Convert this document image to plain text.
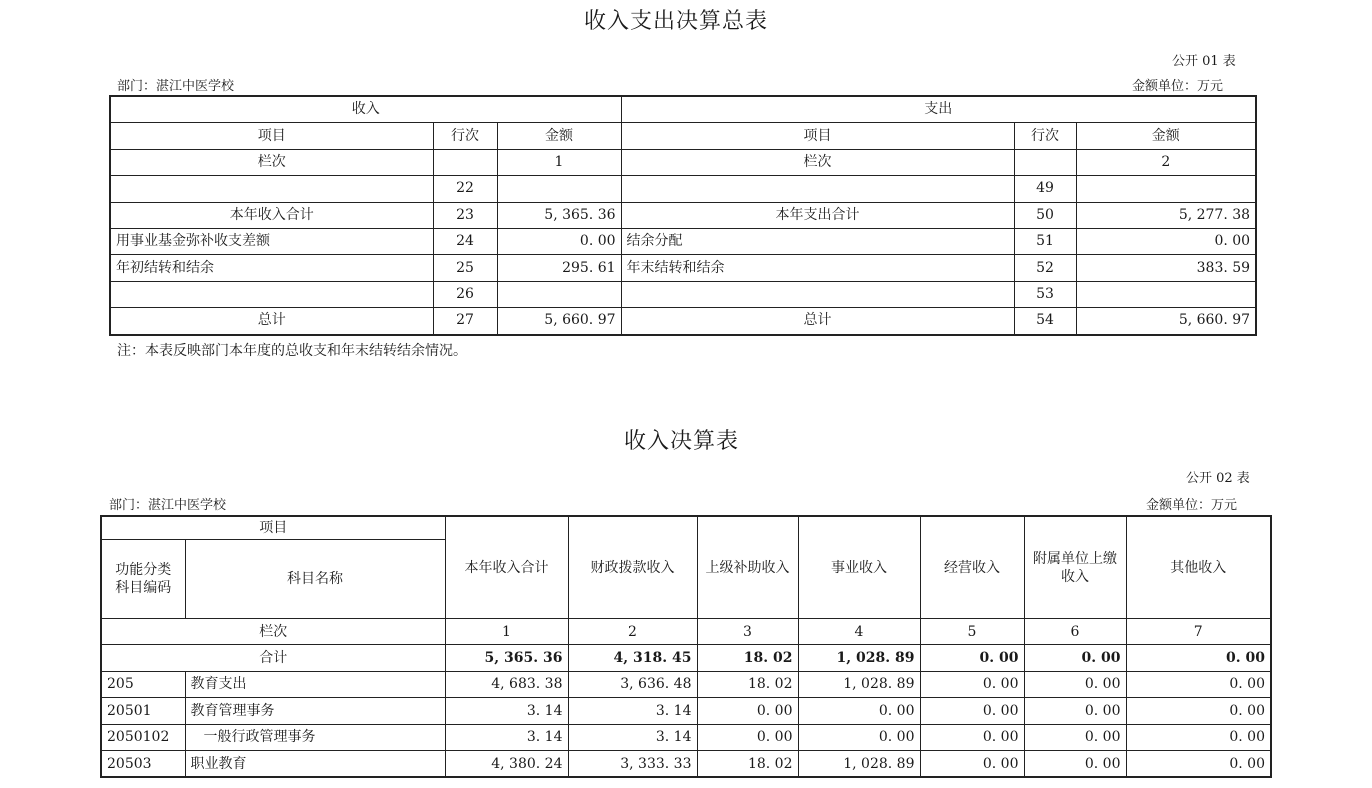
收入支出决算总表
公开 01 表
部门：湛江中医学校	金额单位：万元
收入			支出		
项目	行次	金额	项目	行次	金额
栏次		1	栏次		2
	22			49	
本年收入合计	23	5, 365. 36	本年支出合计	50	5, 277. 38
用事业基金弥补收支差额	24	0. 00	结余分配	51	0. 00
年初结转和结余	25	295. 61	年末结转和结余	52	383. 59
	26			53	
总计	27	5, 660. 97	总计	54	5, 660. 97
注：本表反映部门本年度的总收支和年末结转结余情况。
收入决算表
公开 02 表
部门：湛江中医学校	金额单位：万元
项目		本年收入合计	财政拨款收入	上级补助收入	事业收入	经营收入	附属单位上缴收入	其他收入
功能分类科目编码	科目名称							
栏次		1	2	3	4	5	6	7
合计		5, 365. 36	4, 318. 45	18. 02	1, 028. 89	0. 00	0. 00	0. 00
205	教育支出	4, 683. 38	3, 636. 48	18. 02	1, 028. 89	0. 00	0. 00	0. 00
20501	教育管理事务	3. 14	3. 14	0. 00	0. 00	0. 00	0. 00	0. 00
2050102	一般行政管理事务	3. 14	3. 14	0. 00	0. 00	0. 00	0. 00	0. 00
20503	职业教育	4, 380. 24	3, 333. 33	18. 02	1, 028. 89	0. 00	0. 00	0. 00
